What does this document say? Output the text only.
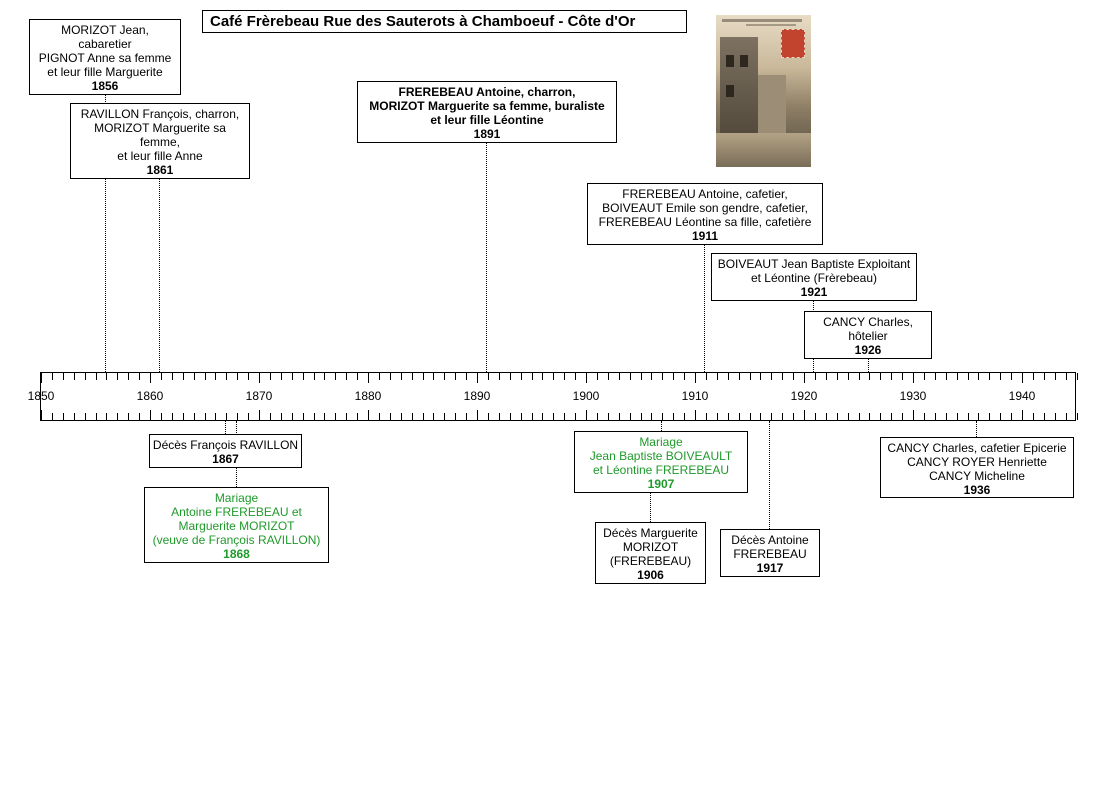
Café Frèrebeau Rue des Sauterots à Chamboeuf - Côte d'Or
1850	1860	1870	1880	1890	1900	1910	1920	1930	1940
MORIZOT Jean,
cabaretier
PIGNOT Anne sa femme
et leur fille Marguerite
1856
RAVILLON François, charron,
MORIZOT Marguerite sa
femme,
et leur fille Anne
1861
FREREBEAU Antoine, charron,
MORIZOT Marguerite sa femme, buraliste
et leur fille Léontine
1891
FREREBEAU Antoine, cafetier,
BOIVEAUT Emile son gendre, cafetier,
FREREBEAU Léontine sa fille, cafetière
1911
BOIVEAUT Jean Baptiste Exploitant
et Léontine (Frèrebeau)
1921
CANCY Charles,
hôtelier
1926
Décès François RAVILLON
1867
Mariage
Antoine FREREBEAU et
Marguerite MORIZOT
(veuve de François RAVILLON)
1868
Mariage
Jean Baptiste BOIVEAULT
et Léontine FREREBEAU
1907
Décès Marguerite
MORIZOT
(FREREBEAU)
1906
Décès Antoine
FREREBEAU
1917
CANCY Charles, cafetier Epicerie
CANCY ROYER Henriette
CANCY Micheline
1936
